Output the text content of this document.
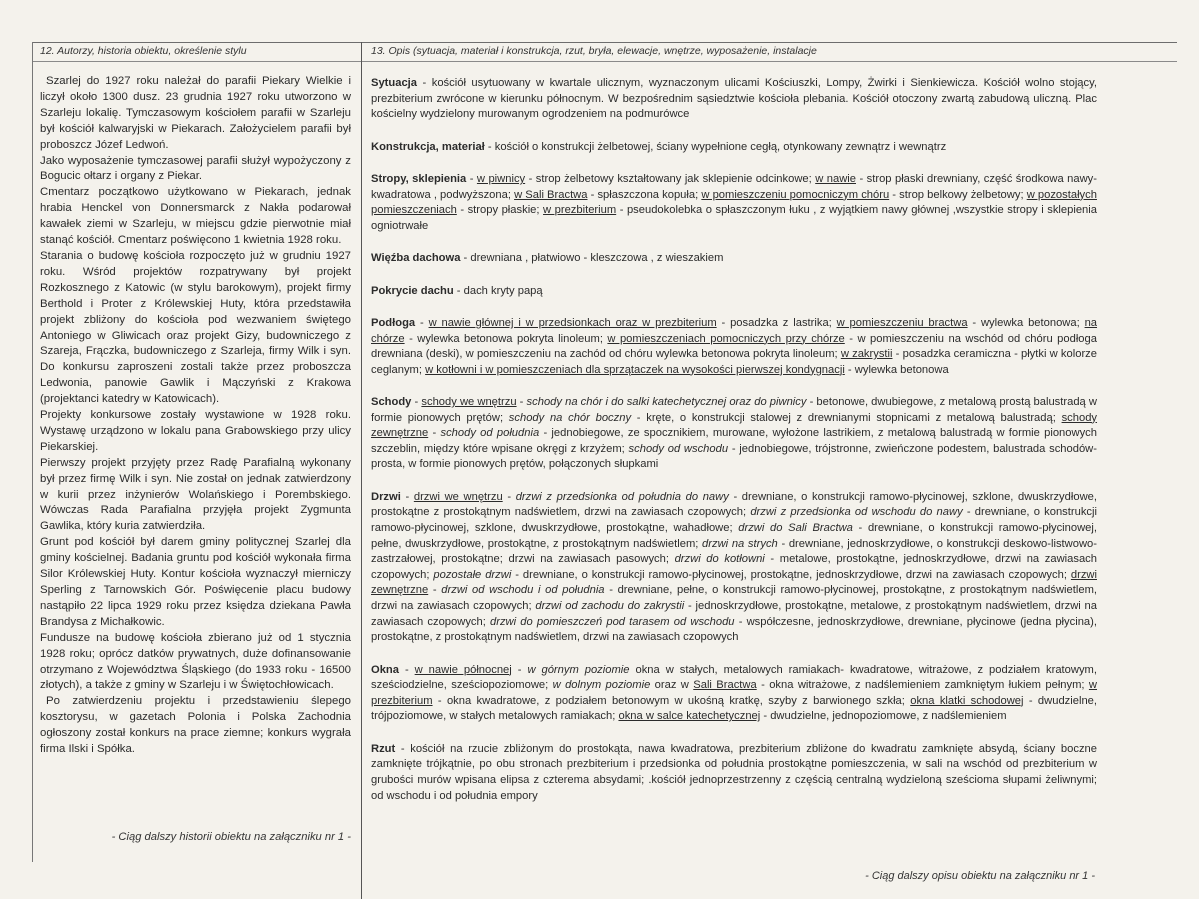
12. Autorzy, historia obiektu, określenie stylu	13. Opis (sytuacja, materiał i konstrukcja, rzut, bryła, elewacje, wnętrze, wyposażenie, instalacje

Szarlej do 1927 roku należał do parafii Piekary Wielkie i liczył około 1300 dusz. 23 grudnia 1927 roku utworzono w Szarleju lokalię. Tymczasowym kościołem parafii w Szarleju był kościół kalwaryjski w Piekarach. Założycielem parafii był proboszcz Józef Ledwoń.

Jako wyposażenie tymczasowej parafii służył wypożyczony z Bogucic ołtarz i organy z Piekar.

Cmentarz początkowo użytkowano w Piekarach, jednak hrabia Henckel von Donnersmarck z Nakła podarował kawałek ziemi w Szarleju, w miejscu gdzie pierwotnie miał stanąć kościół. Cmentarz poświęcono 1 kwietnia 1928 roku.

Starania o budowę kościoła rozpoczęto już w grudniu 1927 roku. Wśród projektów rozpatrywany był projekt Rozkosznego z Katowic (w stylu barokowym), projekt firmy Berthold i Proter z Królewskiej Huty, która przedstawiła projekt zbliżony do kościoła pod wezwaniem świętego Antoniego w Gliwicach oraz projekt Gizy, budowniczego z Szareja, Frączka, budowniczego z Szarleja, firmy Wilk i syn. Do konkursu zaproszeni zostali także przez proboszcza Ledwonia, panowie Gawlik i Mączyński z Krakowa (projektanci katedry w Katowicach).

Projekty konkursowe zostały wystawione w 1928 roku. Wystawę urządzono w lokalu pana Grabowskiego przy ulicy Piekarskiej.

Pierwszy projekt przyjęty przez Radę Parafialną wykonany był przez firmę Wilk i syn. Nie został on jednak zatwierdzony w kurii przez inżynierów Wolańskiego i Porembskiego. Wówczas Rada Parafialna przyjęła projekt Zygmunta Gawlika, który kuria zatwierdziła.

Grunt pod kościół był darem gminy politycznej Szarlej dla gminy kościelnej. Badania gruntu pod kościół wykonała firma Silor Królewskiej Huty. Kontur kościoła wyznaczył mierniczy Sperling z Tarnowskich Gór. Poświęcenie placu budowy nastąpiło 22 lipca 1929 roku przez księdza dziekana Pawła Brandysa z Michałkowic.

Fundusze na budowę kościoła zbierano już od 1 stycznia 1928 roku; oprócz datków prywatnych, duże dofinansowanie otrzymano z Województwa Śląskiego (do 1933 roku - 16500 złotych), a także z gminy w Szarleju i w Świętochłowicach.

Po zatwierdzeniu projektu i przedstawieniu ślepego kosztorysu, w gazetach Polonia i Polska Zachodnia ogłoszony został konkurs na prace ziemne; konkurs wygrała firma Ilski i Spółka.

- Ciąg dalszy historii obiektu na załączniku nr 1 -

Sytuacja - kościół usytuowany w kwartale ulicznym, wyznaczonym ulicami Kościuszki, Lompy, Żwirki i Sienkiewicza. Kościół wolno stojący, prezbiterium zwrócone w kierunku północnym. W bezpośrednim sąsiedztwie kościoła plebania. Kościół otoczony zwartą zabudową uliczną. Plac kościelny wydzielony murowanym ogrodzeniem na podmurówce

Konstrukcja, materiał - kościół o konstrukcji żelbetowej, ściany wypełnione cegłą, otynkowany zewnątrz i wewnątrz

Stropy, sklepienia - w piwnicy - strop żelbetowy kształtowany jak sklepienie odcinkowe; w nawie - strop płaski drewniany, część środkowa nawy- kwadratowa , podwyższona; w Sali Bractwa - spłaszczona kopuła; w pomieszczeniu pomocniczym chóru - strop belkowy żelbetowy; w pozostałych pomieszczeniach - stropy płaskie; w prezbiterium - pseudokolebka o spłaszczonym łuku , z wyjątkiem nawy głównej ,wszystkie stropy i sklepienia ogniotrwałe

Więźba dachowa - drewniana , płatwiowo - kleszczowa , z wieszakiem

Pokrycie dachu - dach kryty papą

Podłoga - w nawie głównej i w przedsionkach oraz w prezbiterium - posadzka z lastrika; w pomieszczeniu bractwa - wylewka betonowa; na chórze - wylewka betonowa pokryta linoleum; w pomieszczeniach pomocniczych przy chórze - w pomieszczeniu na wschód od chóru podłoga drewniana (deski), w pomieszczeniu na zachód od chóru wylewka betonowa pokryta linoleum; w zakrystii - posadzka ceramiczna - płytki w kolorze ceglanym; w kotłowni i w pomieszczeniach dla sprzątaczek na wysokości pierwszej kondygnacji - wylewka betonowa

Schody - schody we wnętrzu - schody na chór i do salki katechetycznej oraz do piwnicy - betonowe, dwubiegowe, z metalową prostą balustradą w formie pionowych prętów; schody na chór boczny - kręte, o konstrukcji stalowej z drewnianymi stopnicami z metalową balustradą; schody zewnętrzne - schody od południa - jednobiegowe, ze spocznikiem, murowane, wyłożone lastrikiem, z metalową balustradą w formie pionowych szczeblin, między które wpisane okręgi z krzyżem; schody od wschodu - jednobiegowe, trójstronne, zwieńczone podestem, balustrada schodów- prosta, w formie pionowych prętów, połączonych słupkami

Drzwi - drzwi we wnętrzu - drzwi z przedsionka od południa do nawy - drewniane, o konstrukcji ramowo-płycinowej, szklone, dwuskrzydłowe, prostokątne z prostokątnym nadświetlem, drzwi na zawiasach czopowych; drzwi z przedsionka od wschodu do nawy - drewniane, o konstrukcji ramowo-płycinowej, szklone, dwuskrzydłowe, prostokątne, wahadłowe; drzwi do Sali Bractwa - drewniane, o konstrukcji ramowo-płycinowej, pełne, dwuskrzydłowe, prostokątne, z prostokątnym nadświetlem; drzwi na strych - drewniane, jednoskrzydłowe, o konstrukcji deskowo-listwowo-zastrzałowej, prostokątne; drzwi na zawiasach pasowych; drzwi do kotłowni - metalowe, prostokątne, jednoskrzydłowe, drzwi na zawiasach czopowych; pozostałe drzwi - drewniane, o konstrukcji ramowo-płycinowej, prostokątne, jednoskrzydłowe, drzwi na zawiasach czopowych; drzwi zewnętrzne - drzwi od wschodu i od południa - drewniane, pełne, o konstrukcji ramowo-płycinowej, prostokątne, z prostokątnym nadświetlem, drzwi na zawiasach czopowych; drzwi od zachodu do zakrystii - jednoskrzydłowe, prostokątne, metalowe, z prostokątnym nadświetlem, drzwi na zawiasach czopowych; drzwi do pomieszczeń pod tarasem od wschodu - współczesne, jednoskrzydłowe, drewniane, płycinowe (jedna płycina), prostokątne, z prostokątnym nadświetlem, drzwi na zawiasach czopowych

Okna - w nawie północnej - w górnym poziomie okna w stałych, metalowych ramiakach- kwadratowe, witrażowe, z podziałem kratowym, sześciodzielne, sześciopoziomowe; w dolnym poziomie oraz w Sali Bractwa - okna witrażowe, z nadślemieniem zamkniętym łukiem pełnym; w prezbiterium - okna kwadratowe, z podziałem betonowym w ukośną kratkę, szyby z barwionego szkła; okna klatki schodowej - dwudzielne, trójpoziomowe, w stałych metalowych ramiakach; okna w salce katechetycznej - dwudzielne, jednopoziomowe, z nadślemieniem

Rzut - kościół na rzucie zbliżonym do prostokąta, nawa kwadratowa, prezbiterium zbliżone do kwadratu zamknięte absydą, ściany boczne zamknięte trójkątnie, po obu stronach prezbiterium i przedsionka od południa prostokątne pomieszczenia, w sali na wschód od prezbiterium w grubości murów wpisana elipsa z czterema absydami; .kościół jednoprzestrzenny z częścią centralną wydzieloną sześcioma słupami żeliwnymi; od wschodu i od południa empory

- Ciąg dalszy opisu obiektu na załączniku nr 1 -
